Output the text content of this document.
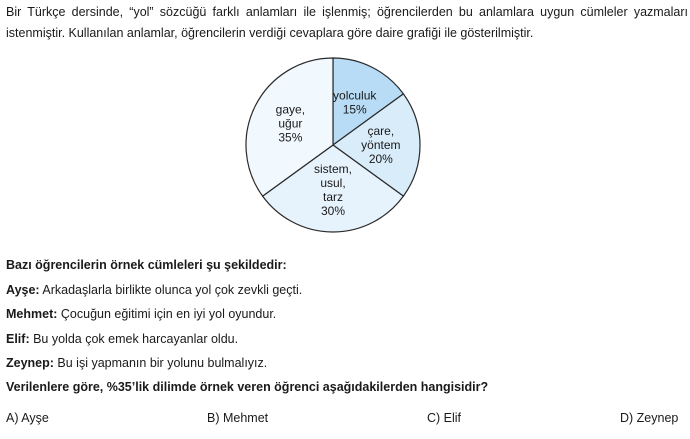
Bir Türkçe dersinde, “yol” sözcüğü farklı anlamları ile işlenmiş; öğrencilerden bu anlamlara uygun cümleler yazmaları istenmiştir. Kullanılan anlamlar, öğrencilerin verdiği cevaplara göre daire grafiği ile gösterilmiştir.

yolculuk 15%
çare, yöntem 20%
sistem, usul, tarz 30%
gaye, uğur 35%
Bazı öğrencilerin örnek cümleleri şu şekildedir:
Ayşe: Arkadaşlarla birlikte olunca yol çok zevkli geçti.
Mehmet: Çocuğun eğitimi için en iyi yol oyundur.
Elif: Bu yolda çok emek harcayanlar oldu.
Zeynep: Bu işi yapmanın bir yolunu bulmalıyız.
Verilenlere göre, %35’lik dilimde örnek veren öğrenci aşağıdakilerden hangisidir?
A) Ayşe	B) Mehmet	C) Elif	D) Zeynep
